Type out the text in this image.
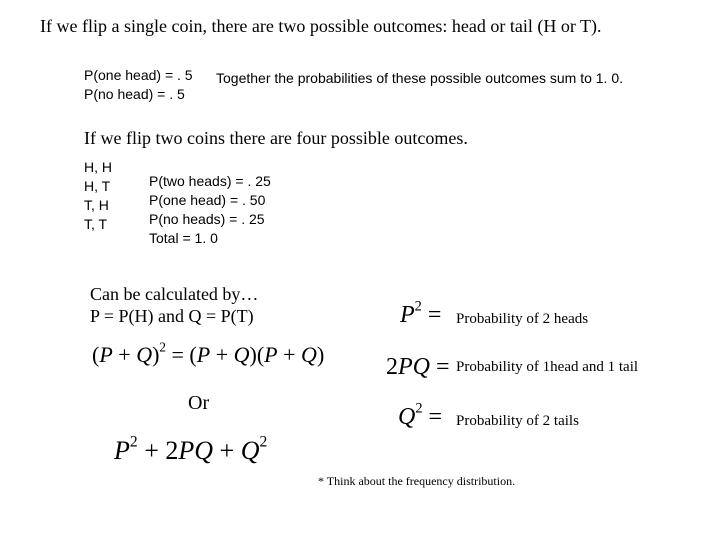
If we flip a single coin, there are two possible outcomes: head or tail (H or T).
P(one head) = . 5
P(no head) = . 5
Together the probabilities of these possible outcomes sum to 1. 0.
If we flip two coins there are four possible outcomes.
H, H
H, T
T, H
T, T
P(two heads) = . 25
P(one head) = . 50
P(no heads) = . 25
Total = 1. 0
Can be calculated by…
P = P(H) and Q = P(T)
$(P + Q)^2 = (P + Q)(P + Q)$
Or
$P^2 + 2PQ + Q^2$
$P^2$ = Probability of 2 heads
2PQ = Probability of 1head and 1 tail
$Q^2$ = Probability of 2 tails
* Think about the frequency distribution.
